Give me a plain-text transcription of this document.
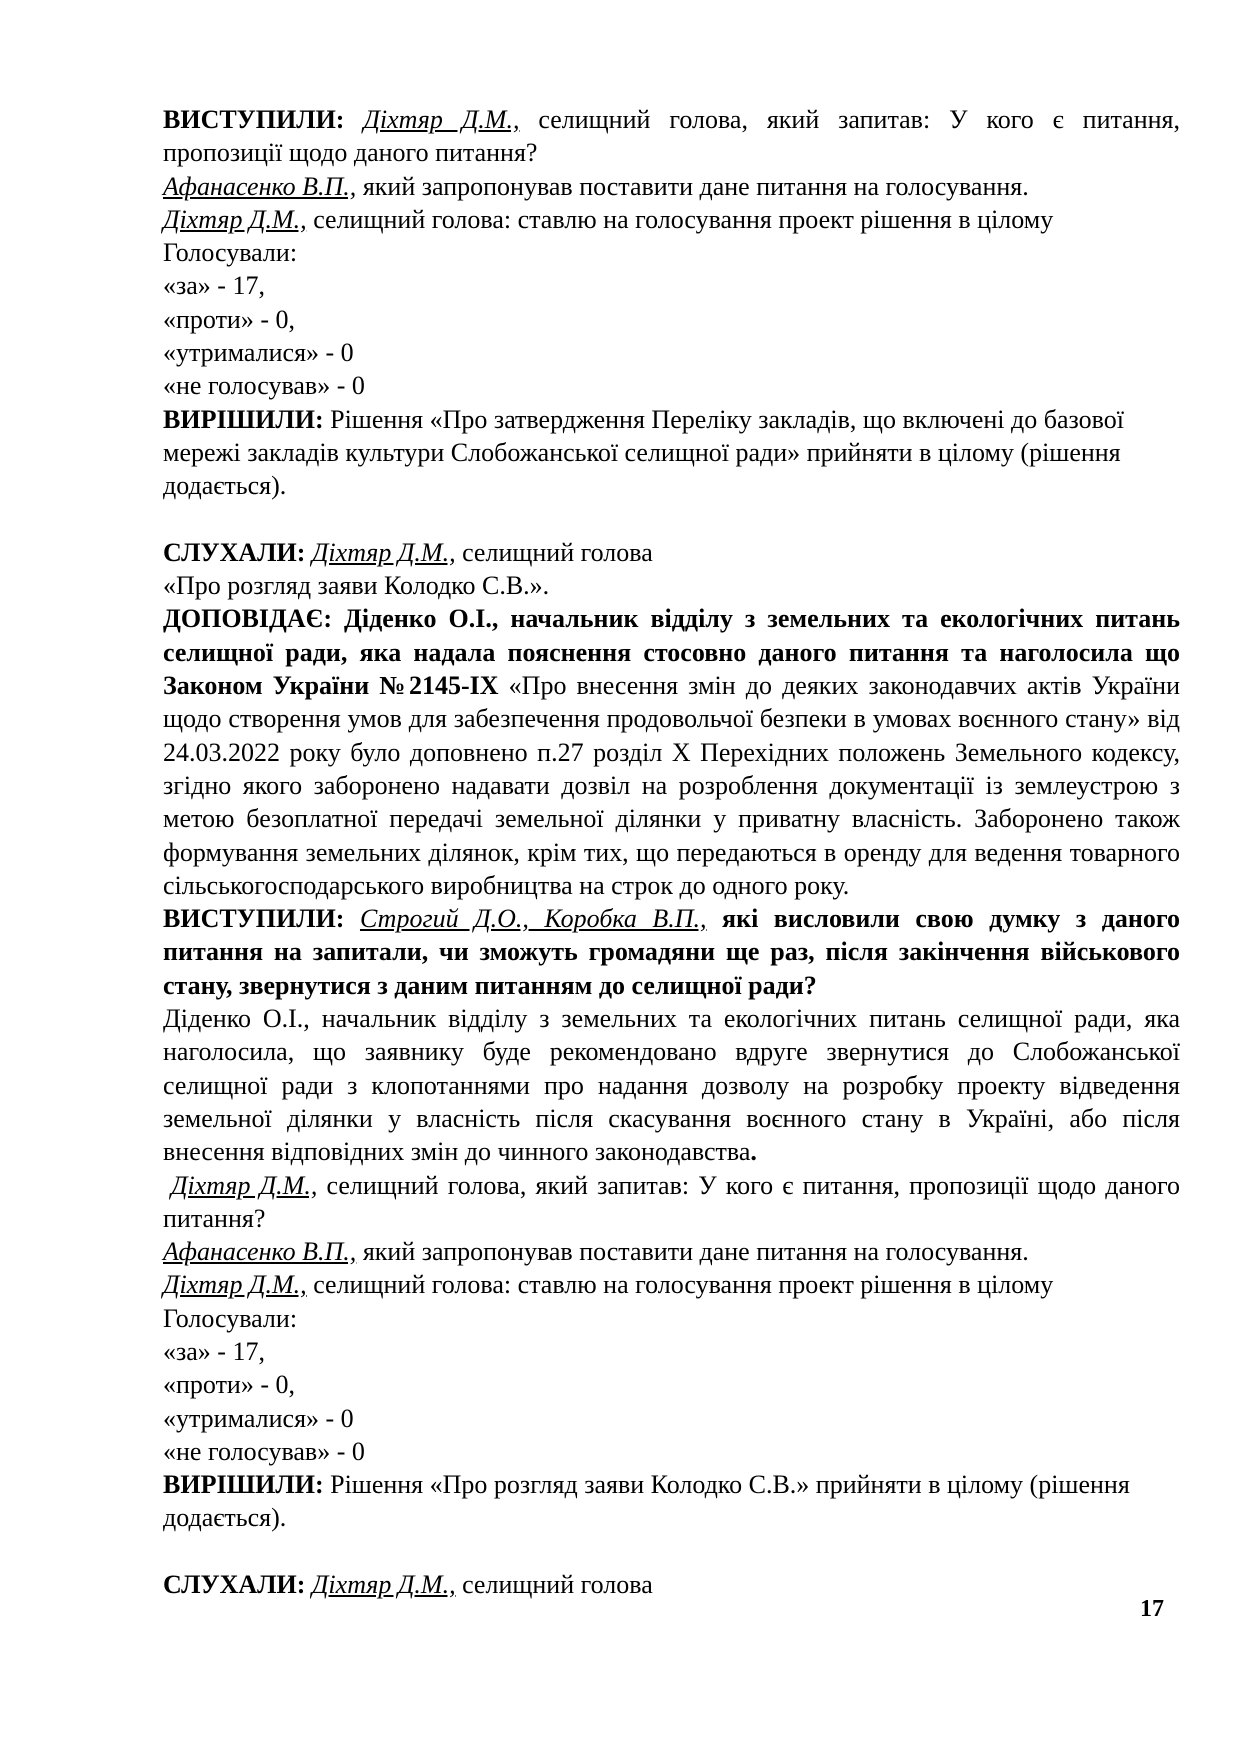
ВИСТУПИЛИ: Діхтяр Д.М., селищний голова, який запитав: У кого є питання, пропозиції щодо даного питання?

Афанасенко В.П., який запропонував поставити дане питання на голосування.

Діхтяр Д.М., селищний голова: ставлю на голосування проект рішення в цілому

Голосували:

«за» - 17,

«проти» - 0,

«утрималися» - 0

«не голосував» - 0

ВИРІШИЛИ: Рішення «Про затвердження Переліку закладів, що включені до базової мережі закладів культури Слобожанської селищної ради» прийняти в цілому (рішення додається).

СЛУХАЛИ: Діхтяр Д.М., селищний голова

«Про розгляд заяви Колодко С.В.».

ДОПОВІДАЄ: Діденко О.І., начальник відділу з земельних та екологічних питань селищної ради, яка надала пояснення стосовно даного питання та наголосила що Законом України №2145-IX «Про внесення змін до деяких законодавчих актів України щодо створення умов для забезпечення продовольчої безпеки в умовах воєнного стану» від 24.03.2022 року було доповнено п.27 розділ Х Перехідних положень Земельного кодексу, згідно якого заборонено надавати дозвіл на розроблення документації із землеустрою з метою безоплатної передачі земельної ділянки у приватну власність. Заборонено також формування земельних ділянок, крім тих, що передаються в оренду для ведення товарного сільськогосподарського виробництва на строк до одного року.

ВИСТУПИЛИ: Строгий Д.О., Коробка В.П., які висловили свою думку з даного питання на запитали, чи зможуть громадяни ще раз, після закінчення військового стану, звернутися з даним питанням до селищної ради?

Діденко О.І., начальник відділу з земельних та екологічних питань селищної ради, яка наголосила, що заявнику буде рекомендовано вдруге звернутися до Слобожанської селищної ради з клопотаннями про надання дозволу на розробку проекту відведення земельної ділянки у власність після скасування воєнного стану в Україні, або після внесення відповідних змін до чинного законодавства.

Діхтяр Д.М., селищний голова, який запитав: У кого є питання, пропозиції щодо даного питання?

Афанасенко В.П., який запропонував поставити дане питання на голосування.

Діхтяр Д.М., селищний голова: ставлю на голосування проект рішення в цілому

Голосували:

«за» - 17,

«проти» - 0,

«утрималися» - 0

«не голосував» - 0

ВИРІШИЛИ: Рішення «Про розгляд заяви Колодко С.В.» прийняти в цілому (рішення додається).

СЛУХАЛИ: Діхтяр Д.М., селищний голова

17
